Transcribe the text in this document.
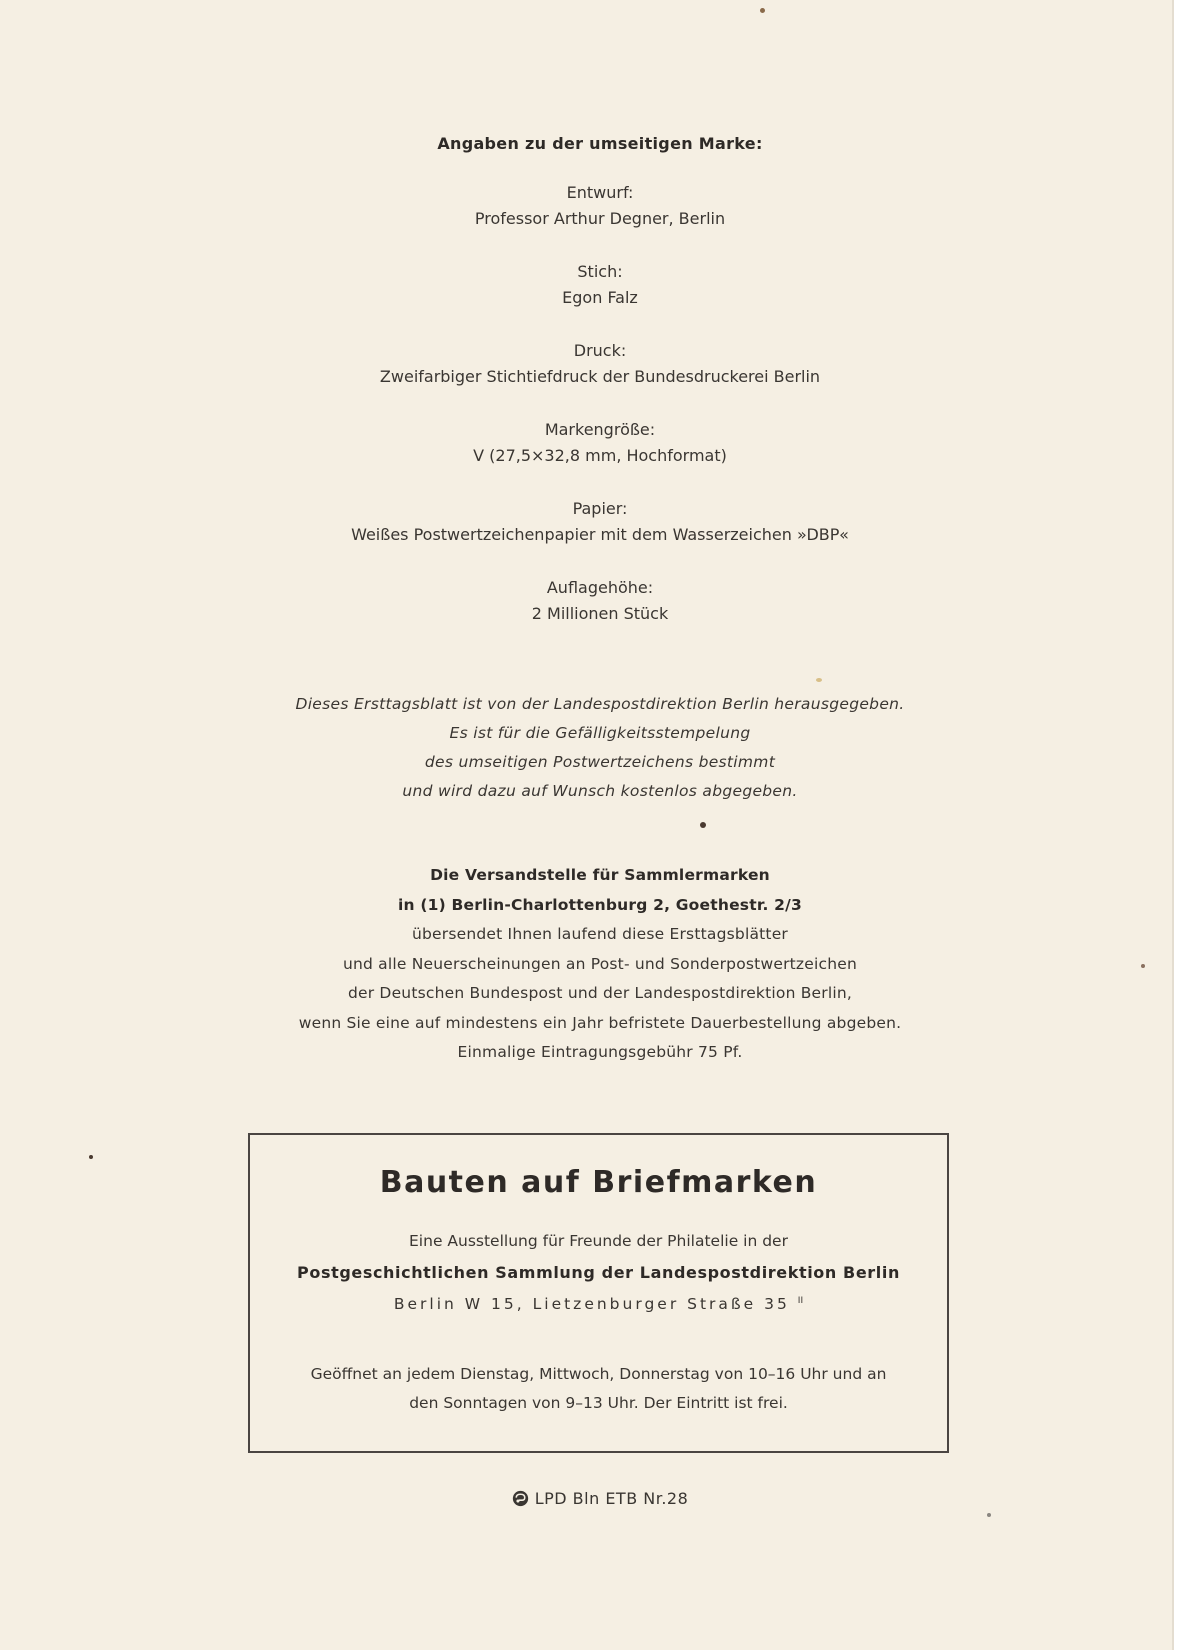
Angaben zu der umseitigen Marke:
Entwurf:
Professor Arthur Degner, Berlin
Stich:
Egon Falz
Druck:
Zweifarbiger Stichtiefdruck der Bundesdruckerei Berlin
Markengröße:
V (27,5×32,8 mm, Hochformat)
Papier:
Weißes Postwertzeichenpapier mit dem Wasserzeichen »DBP«
Auflagehöhe:
2 Millionen Stück
Dieses Ersttagsblatt ist von der Landespostdirektion Berlin herausgegeben.
Es ist für die Gefälligkeitsstempelung
des umseitigen Postwertzeichens bestimmt
und wird dazu auf Wunsch kostenlos abgegeben.
Die Versandstelle für Sammlermarken
in (1) Berlin-Charlottenburg 2, Goethestr. 2/3
übersendet Ihnen laufend diese Ersttagsblätter
und alle Neuerscheinungen an Post- und Sonderpostwertzeichen
der Deutschen Bundespost und der Landespostdirektion Berlin,
wenn Sie eine auf mindestens ein Jahr befristete Dauerbestellung abgeben.
Einmalige Eintragungsgebühr 75 Pf.
Bauten auf Briefmarken
Eine Ausstellung für Freunde der Philatelie in der
Postgeschichtlichen Sammlung der Landespostdirektion Berlin
Berlin W 15, Lietzenburger Straße 35 $^{II}$
Geöffnet an jedem Dienstag, Mittwoch, Donnerstag von 10–16 Uhr und an
den Sonntagen von 9–13 Uhr. Der Eintritt ist frei.
LPD Bln ETB Nr.28
